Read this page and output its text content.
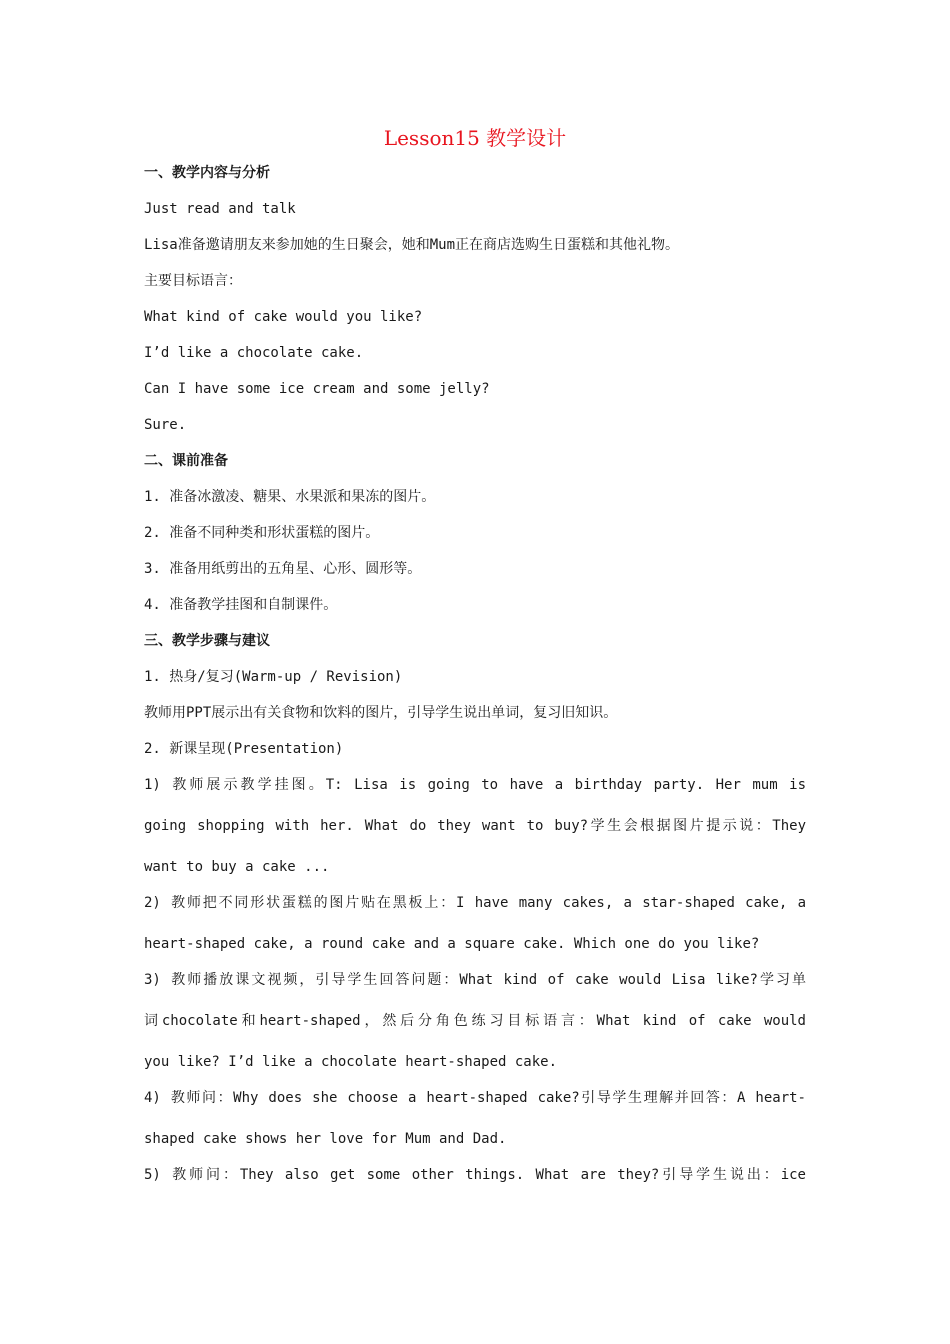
Lesson15 教学设计
一、教学内容与分析
Just read and talk
Lisa准备邀请朋友来参加她的生日聚会，她和Mum正在商店选购生日蛋糕和其他礼物。
主要目标语言：
What kind of cake would you like?
I’d like a chocolate cake.
Can I have some ice cream and some jelly?
Sure.
二、课前准备
1. 准备冰激凌、糖果、水果派和果冻的图片。
2. 准备不同种类和形状蛋糕的图片。
3. 准备用纸剪出的五角星、心形、圆形等。
4. 准备教学挂图和自制课件。
三、教学步骤与建议
1. 热身/复习(Warm-up / Revision)
教师用PPT展示出有关食物和饮料的图片，引导学生说出单词，复习旧知识。
2. 新课呈现(Presentation)
1) 教师展示教学挂图。T: Lisa is going to have a birthday party. Her mum is
going shopping with her. What do they want to buy?学生会根据图片提示说：They
want to buy a cake ...
2) 教师把不同形状蛋糕的图片贴在黑板上：I have many cakes, a star-shaped cake, a
heart-shaped cake, a round cake and a square cake. Which one do you like?
3) 教师播放课文视频，引导学生回答问题：What kind of cake would Lisa like?学习单
词chocolate和heart-shaped，然后分角色练习目标语言：What kind of cake would
you like? I’d like a chocolate heart-shaped cake.
4) 教师问：Why does she choose a heart-shaped cake?引导学生理解并回答：A heart-
shaped cake shows her love for Mum and Dad.
5) 教师问：They also get some other things. What are they?引导学生说出：ice
